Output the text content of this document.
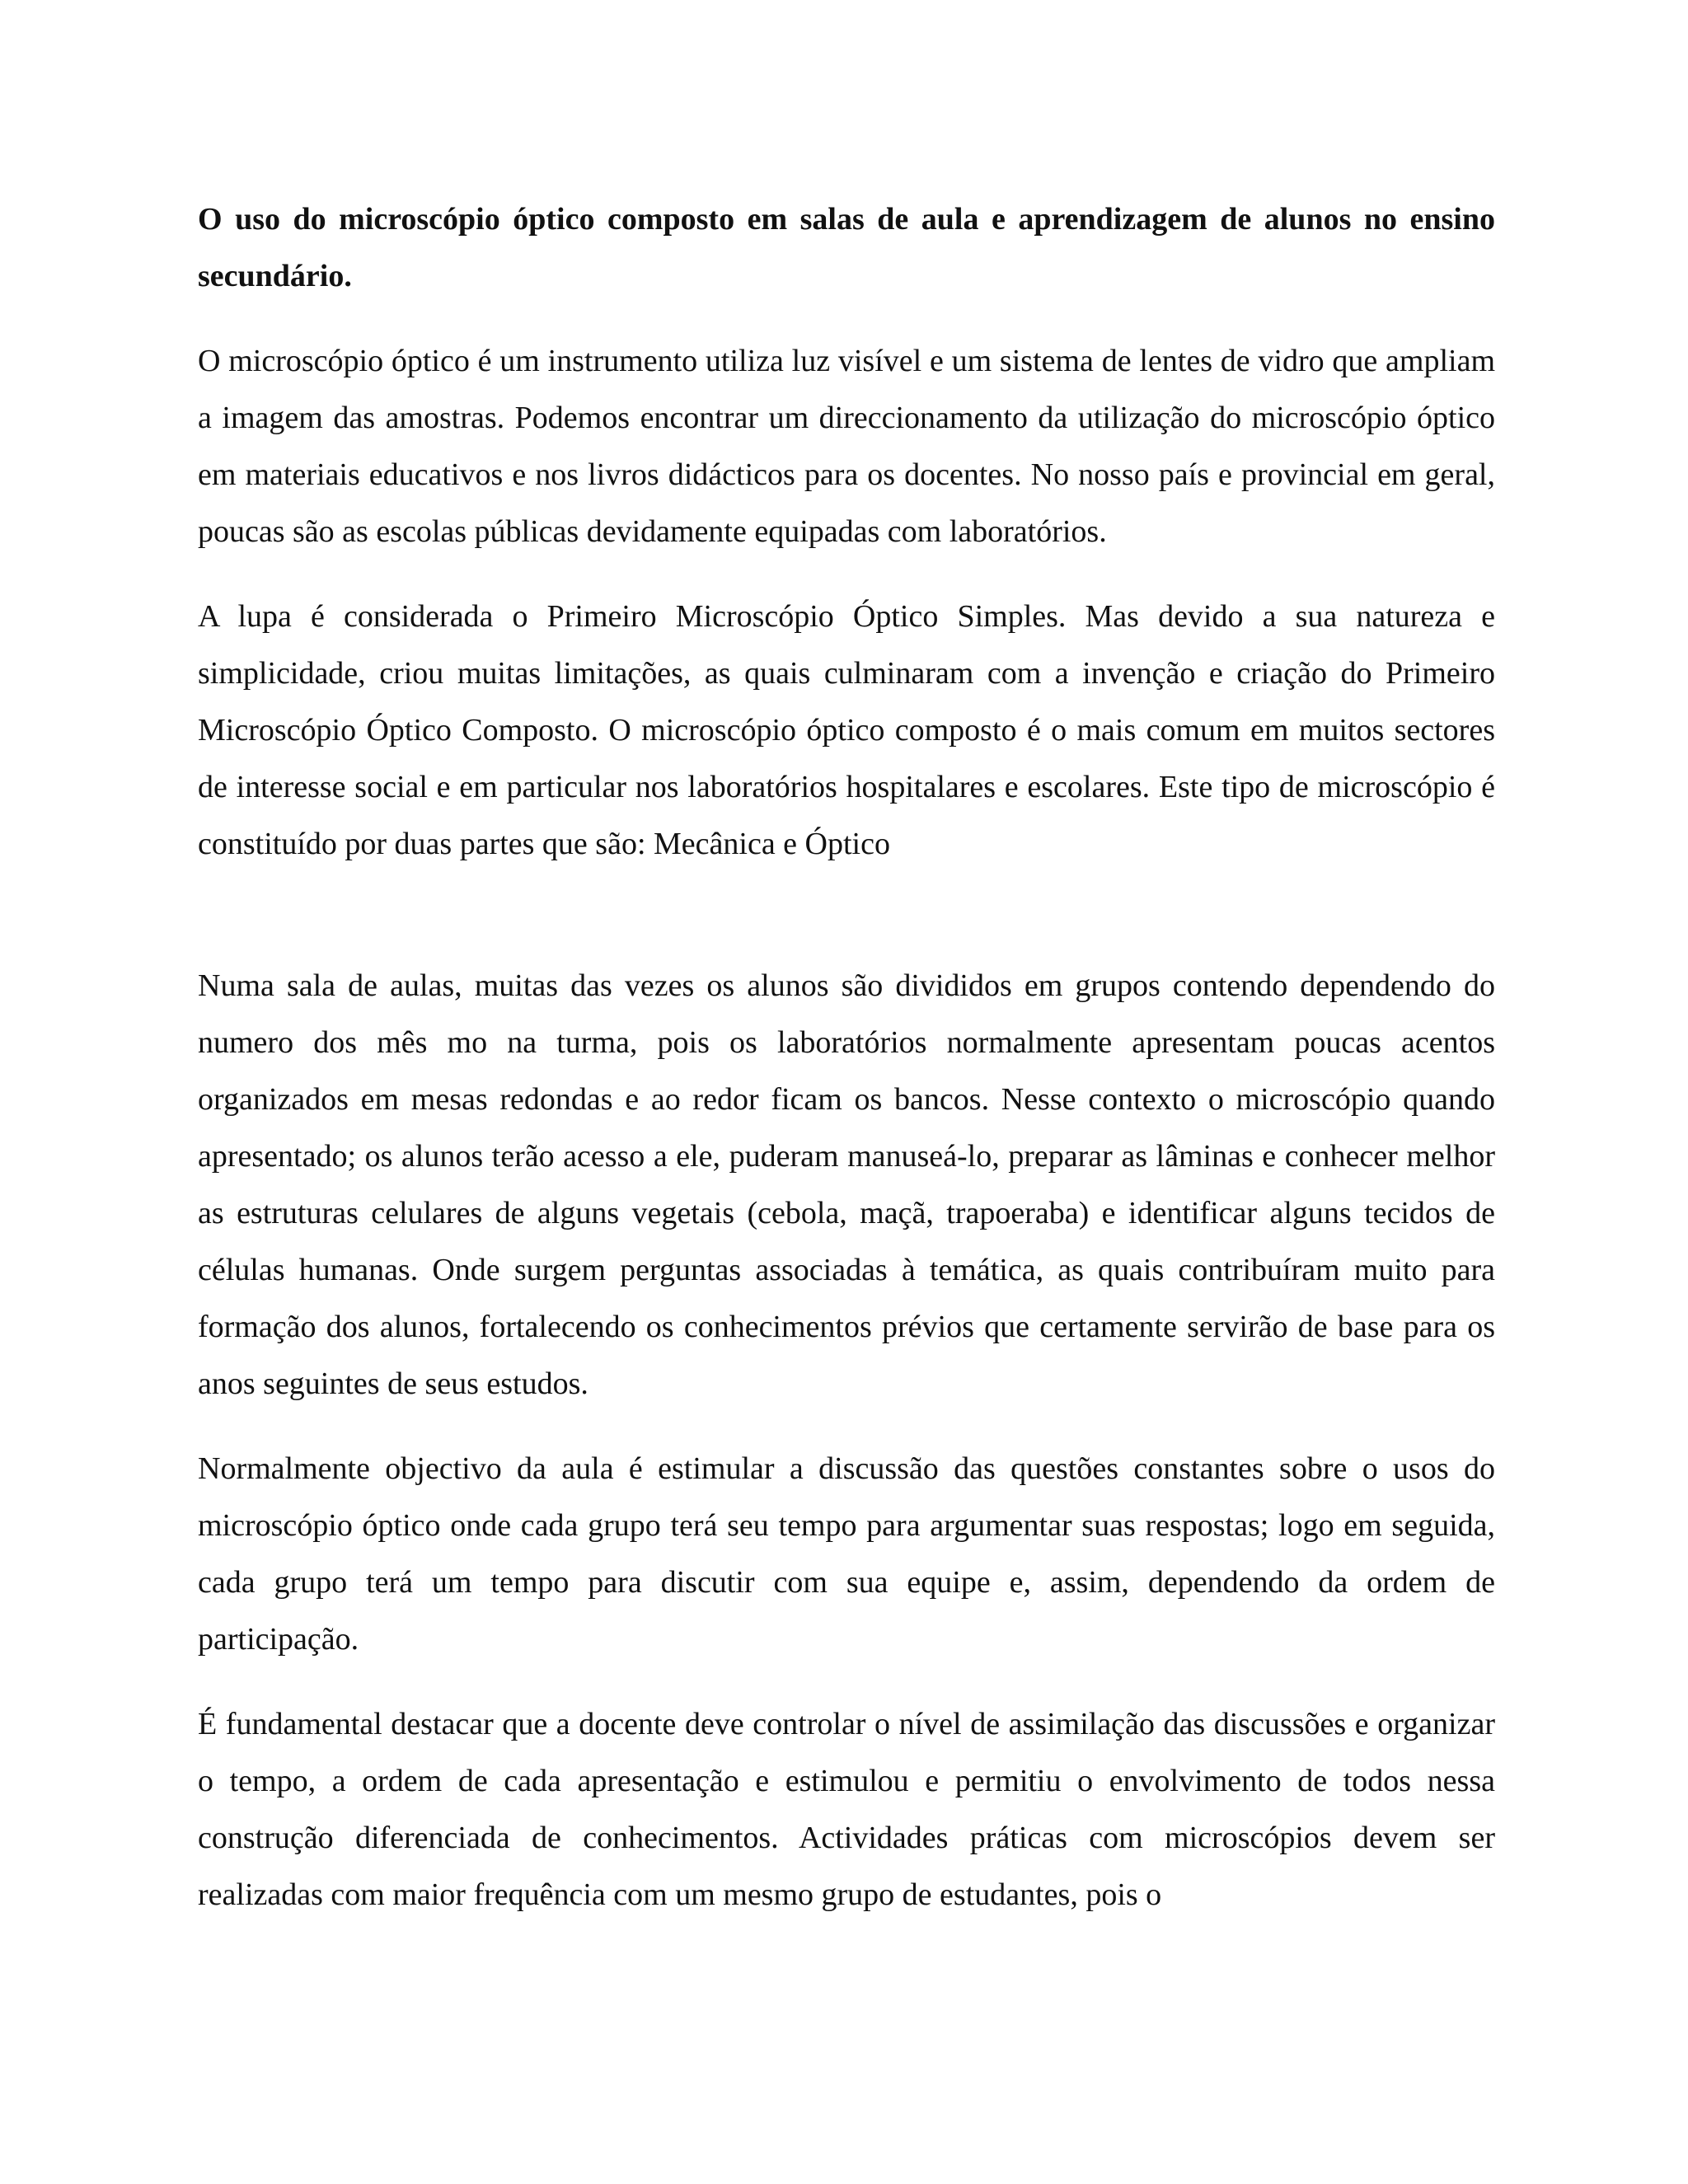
O uso do microscópio óptico composto em salas de aula e aprendizagem de alunos no ensino secundário.

O microscópio óptico é um instrumento utiliza luz visível e um sistema de lentes de vidro que ampliam a imagem das amostras. Podemos encontrar um direccionamento da utilização do microscópio óptico em materiais educativos e nos livros didácticos para os docentes. No nosso país e provincial em geral, poucas são as escolas públicas devidamente equipadas com laboratórios.

A lupa é considerada o Primeiro Microscópio Óptico Simples. Mas devido a sua natureza e simplicidade, criou muitas limitações, as quais culminaram com a invenção e criação do Primeiro Microscópio Óptico Composto. O microscópio óptico composto é o mais comum em muitos sectores de interesse social e em particular nos laboratórios hospitalares e escolares. Este tipo de microscópio é constituído por duas partes que são: Mecânica e Óptico

Numa sala de aulas, muitas das vezes os alunos são divididos em grupos contendo dependendo do numero dos mês mo na turma, pois os laboratórios normalmente apresentam poucas acentos organizados em mesas redondas e ao redor ficam os bancos. Nesse contexto o microscópio quando apresentado; os alunos terão acesso a ele, puderam manuseá-lo, preparar as lâminas e conhecer melhor as estruturas celulares de alguns vegetais (cebola, maçã, trapoeraba) e identificar alguns tecidos de células humanas. Onde surgem perguntas associadas à temática, as quais contribuíram muito para formação dos alunos, fortalecendo os conhecimentos prévios que certamente servirão de base para os anos seguintes de seus estudos.

Normalmente objectivo da aula é estimular a discussão das questões constantes sobre o usos do microscópio óptico onde cada grupo terá seu tempo para argumentar suas respostas; logo em seguida, cada grupo terá um tempo para discutir com sua equipe e, assim, dependendo da ordem de participação.

É fundamental destacar que a docente deve controlar o nível de assimilação das discussões e organizar o tempo, a ordem de cada apresentação e estimulou e permitiu o envolvimento de todos nessa construção diferenciada de conhecimentos. Actividades práticas com microscópios devem ser realizadas com maior frequência com um mesmo grupo de estudantes, pois o
